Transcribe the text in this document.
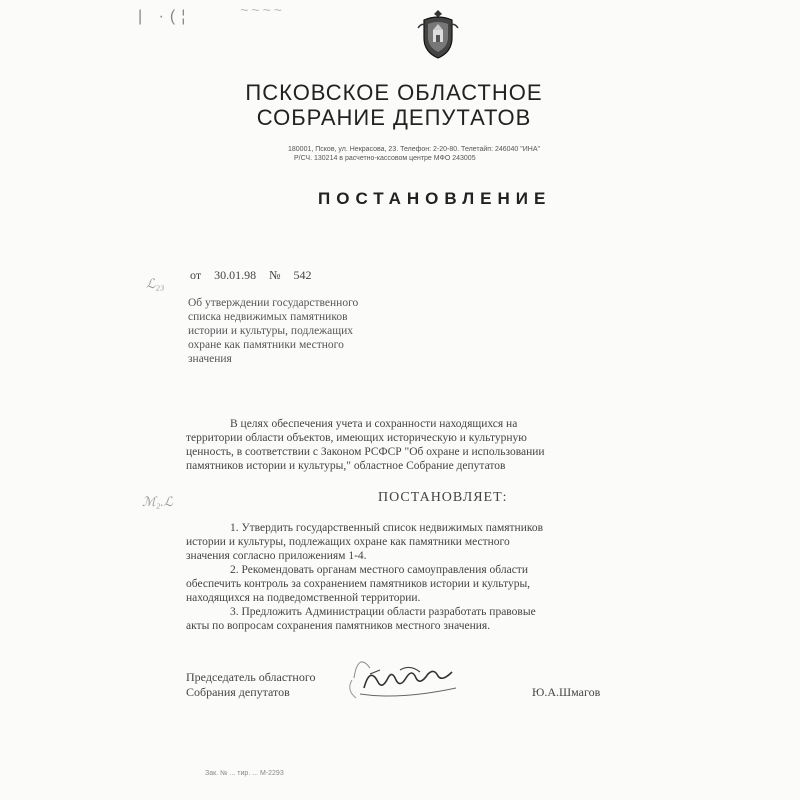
| ·(¦	~~~~
ПСКОВСКОЕ ОБЛАСТНОЕ
СОБРАНИЕ ДЕПУТАТОВ
180001, Псков, ул. Некрасова, 23. Телефон: 2-20-80. Телетайп: 246040 "ИНА"
Р/СЧ. 130214 в расчетно-кассовом центре МФО 243005
ПОСТАНОВЛЕНИЕ
ℒ₂₃
ℳ₂.ℒ
от 30.01.98 № 542
Об утверждении государственного
списка недвижимых памятников
истории и культуры, подлежащих
охране как памятники местного
значения
В целях обеспечения учета и сохранности находящихся на
территории области объектов, имеющих историческую и культурную
ценность, в соответствии с Законом РСФСР "Об охране и использовании
памятников истории и культуры," областное Собрание депутатов
ПОСТАНОВЛЯЕТ:
1. Утвердить государственный список недвижимых памятников
истории и культуры, подлежащих охране как памятники местного
значения согласно приложениям 1-4.
2. Рекомендовать органам местного самоуправления области
обеспечить контроль за сохранением памятников истории и культуры,
находящихся на подведомственной территории.
3. Предложить Администрации области разработать правовые
акты по вопросам сохранения памятников местного значения.
Председатель областного
Собрания депутатов	Ю.А.Шмагов
Зак. № ... тир. ... М-2293
